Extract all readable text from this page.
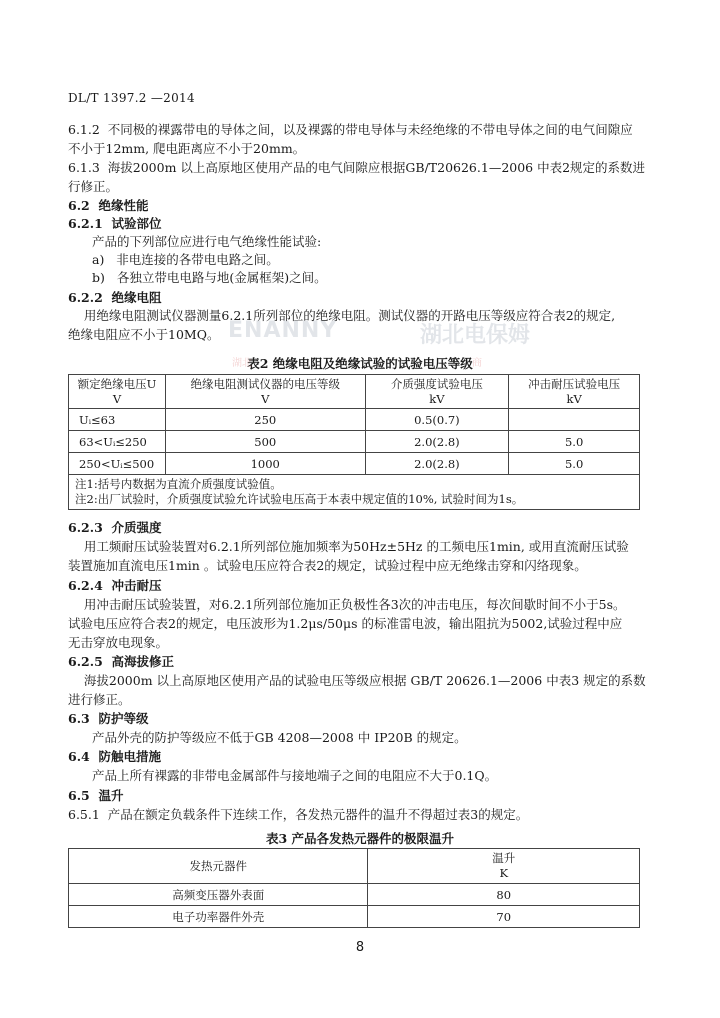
DL/T 1397.2 —2014
6.1.2 不同极的裸露带电的导体之间，以及裸露的带电导体与未经绝缘的不带电导体之间的电气间隙应
不小于12mm, 爬电距离应不小于20mm。
6.1.3 海拔2000m 以上高原地区使用产品的电气间隙应根据GB/T20626.1—2006 中表2规定的系数进
行修正。
6.2 绝缘性能
6.2.1 试验部位
产品的下列部位应进行电气绝缘性能试验:
a) 非电连接的各带电电路之间。
b) 各独立带电电路与地(金属框架)之间。
6.2.2 绝缘电阻
用绝缘电阻测试仪器测量6.2.1所列部位的绝缘电阻。测试仪器的开路电压等级应符合表2的规定,
绝缘电阻应不小于10MQ。 ENANNY	湖北电保姆
表2 绝缘电阻及绝缘试验的试验电压等级
湖北	商
额定绝缘电压U
V	绝缘电阻测试仪器的电压等级
V	介质强度试验电压
kV	冲击耐压试验电压
kV
Uᵢ≤63	250	0.5(0.7)	
63<Uᵢ≤250	500	2.0(2.8)	5.0
250<Uᵢ≤500	1000	2.0(2.8)	5.0

注1:括号内数据为直流介质强度试验值。
注2:出厂试验时，介质强度试验允许试验电压高于本表中规定值的10%, 试验时间为1s。			
6.2.3 介质强度
用工频耐压试验装置对6.2.1所列部位施加频率为50Hz±5Hz 的工频电压1min, 或用直流耐压试验
装置施加直流电压1min 。试验电压应符合表2的规定，试验过程中应无绝缘击穿和闪络现象。
6.2.4 冲击耐压
用冲击耐压试验装置，对6.2.1所列部位施加正负极性各3次的冲击电压，每次间歇时间不小于5s。
试验电压应符合表2的规定，电压波形为1.2μs/50μs 的标准雷电波，输出阻抗为5002,试验过程中应
无击穿放电现象。
6.2.5 高海拔修正
海拔2000m 以上高原地区使用产品的试验电压等级应根据 GB/T 20626.1—2006 中表3 规定的系数
进行修正。
6.3 防护等级
产品外壳的防护等级应不低于GB 4208—2008 中 IP20B 的规定。
6.4 防触电措施
产品上所有裸露的非带电金属部件与接地端子之间的电阻应不大于0.1Q。
6.5 温升
6.5.1 产品在额定负载条件下连续工作，各发热元器件的温升不得超过表3的规定。
表3 产品各发热元器件的极限温升
发热元器件	温升
K
高频变压器外表面	80
电子功率器件外壳	70
8
